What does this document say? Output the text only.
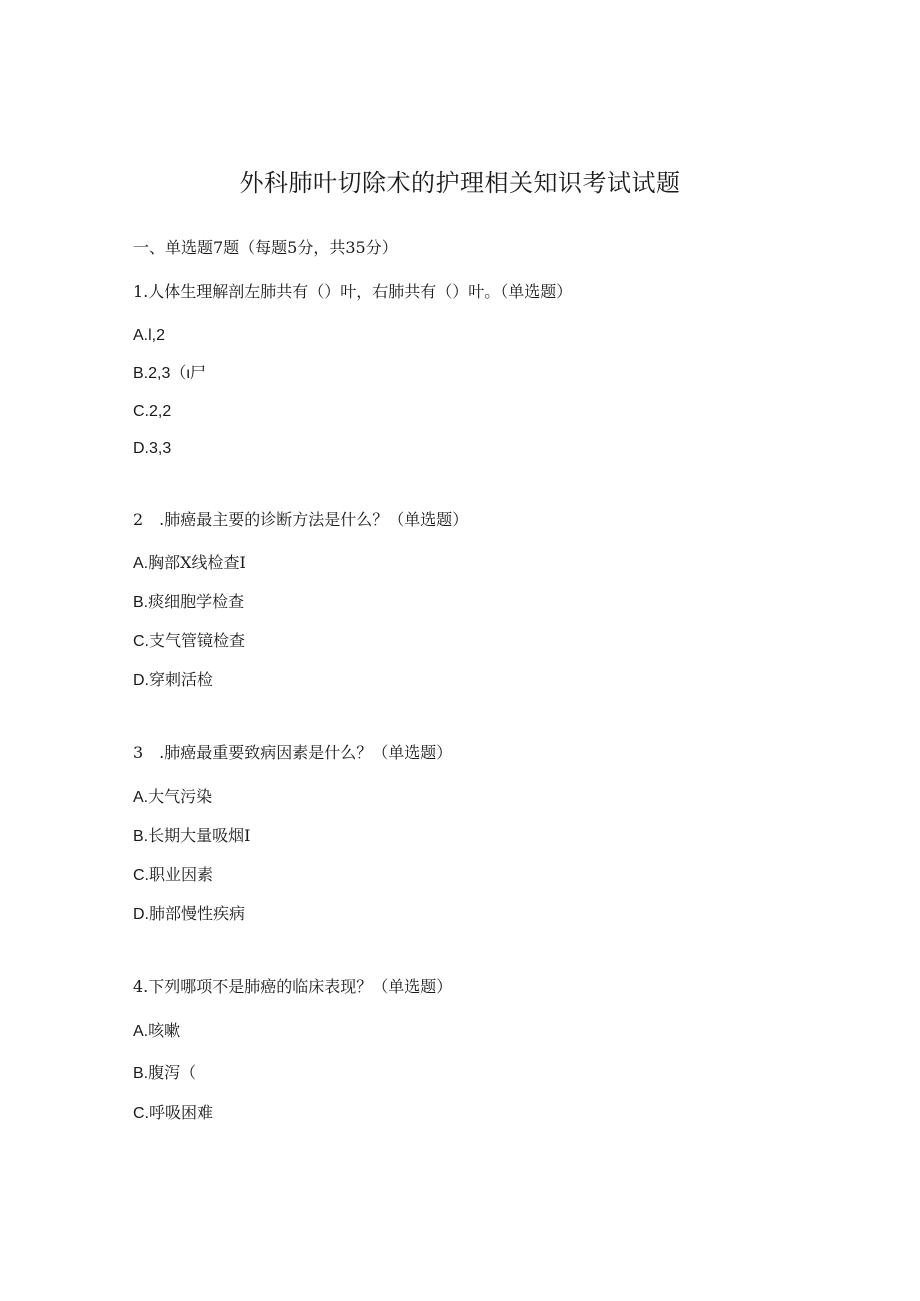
外科肺叶切除术的护理相关知识考试试题
一、单选题7题（每题5分，共35分）
1.人体生理解剖左肺共有（）叶，右肺共有（）叶。（单选题）
A.l,2
B.2,3（ι尸
C.2,2
D.3,3
2　.肺癌最主要的诊断方法是什么？（单选题）
A.胸部X线检查I
B.痰细胞学检查
C.支气管镜检查
D.穿刺活检
3　.肺癌最重要致病因素是什么？（单选题）
A.大气污染
B.长期大量吸烟I
C.职业因素
D.肺部慢性疾病
4.下列哪项不是肺癌的临床表现？（单选题）
A.咳嗽
B.腹泻（
C.呼吸困难
